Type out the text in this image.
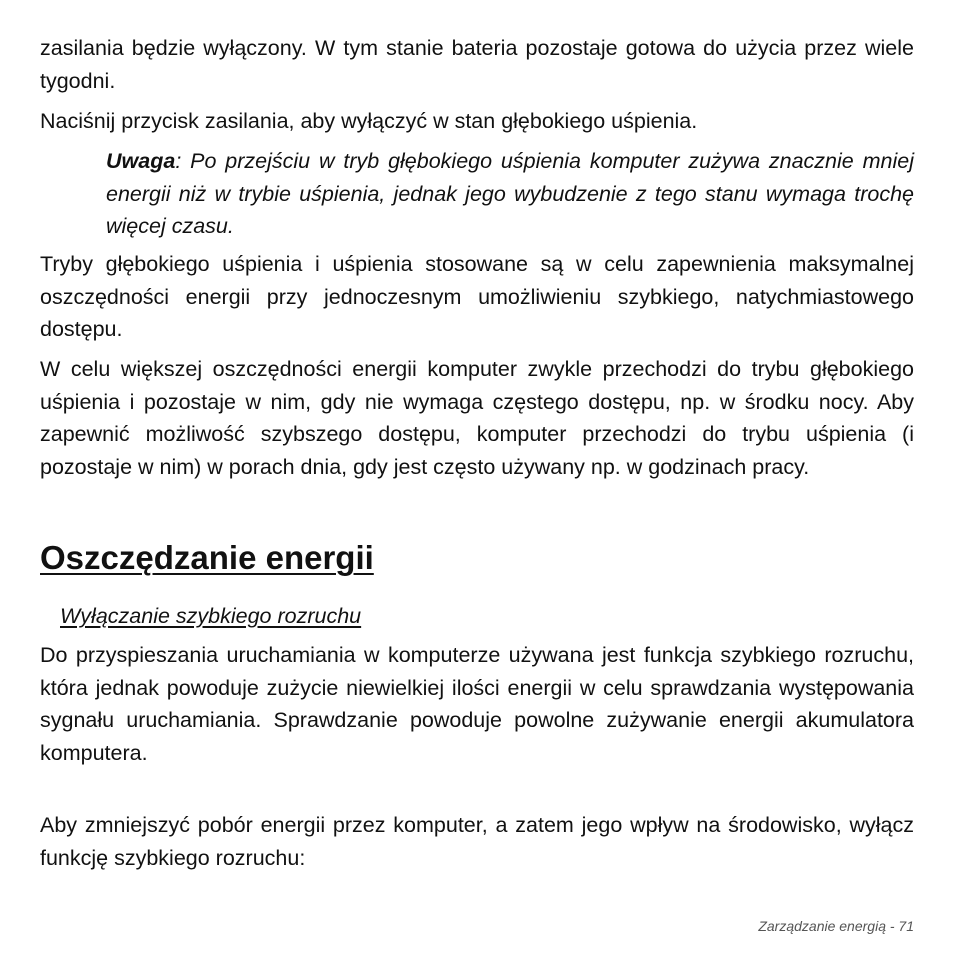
zasilania będzie wyłączony. W tym stanie bateria pozostaje gotowa do użycia przez wiele tygodni.

Naciśnij przycisk zasilania, aby wyłączyć w stan głębokiego uśpienia.

Uwaga: Po przejściu w tryb głębokiego uśpienia komputer zużywa znacznie mniej energii niż w trybie uśpienia, jednak jego wybudzenie z tego stanu wymaga trochę więcej czasu.

Tryby głębokiego uśpienia i uśpienia stosowane są w celu zapewnienia maksymalnej oszczędności energii przy jednoczesnym umożliwieniu szybkiego, natychmiastowego dostępu.

W celu większej oszczędności energii komputer zwykle przechodzi do trybu głębokiego uśpienia i pozostaje w nim, gdy nie wymaga częstego dostępu, np. w środku nocy. Aby zapewnić możliwość szybszego dostępu, komputer przechodzi do trybu uśpienia (i pozostaje w nim) w porach dnia, gdy jest często używany np. w godzinach pracy.

Oszczędzanie energii
Wyłączanie szybkiego rozruchu

Do przyspieszania uruchamiania w komputerze używana jest funkcja szybkiego rozruchu, która jednak powoduje zużycie niewielkiej ilości energii w celu sprawdzania występowania sygnału uruchamiania. Sprawdzanie powoduje powolne zużywanie energii akumulatora komputera.

Aby zmniejszyć pobór energii przez komputer, a zatem jego wpływ na środowisko, wyłącz funkcję szybkiego rozruchu:

Zarządzanie energią - 71
